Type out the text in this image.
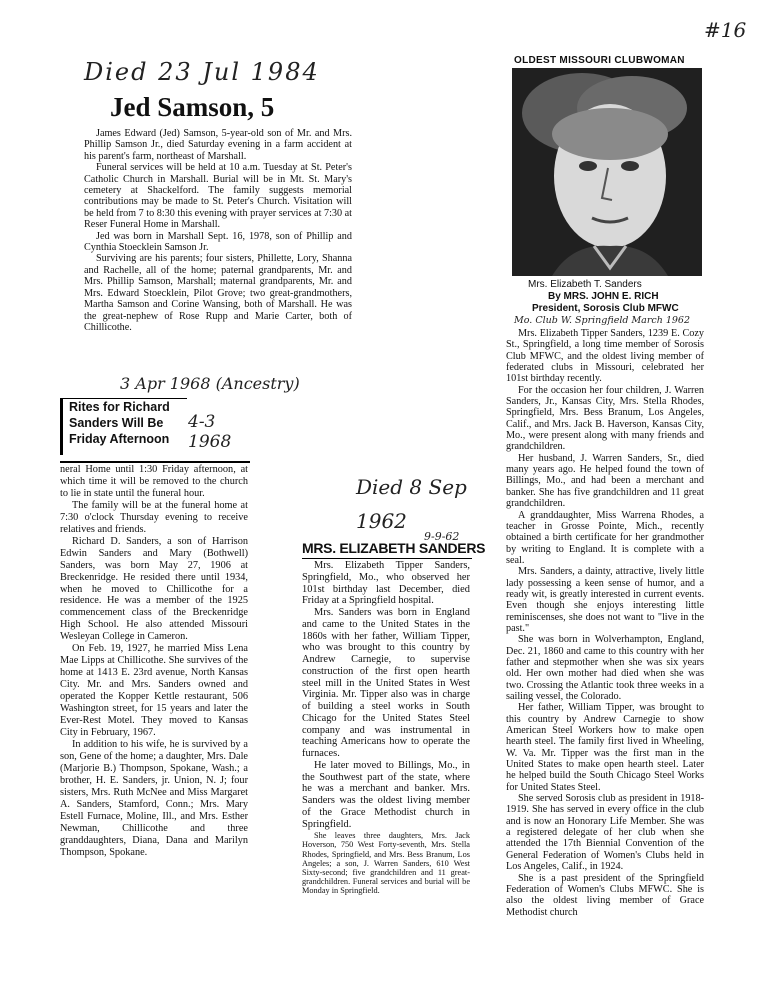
#16
Died 23 Jul 1984
Jed Samson, 5

James Edward (Jed) Samson, 5-year-old son of Mr. and Mrs. Phillip Samson Jr., died Saturday evening in a farm accident at his parent's farm, northeast of Marshall.

Funeral services will be held at 10 a.m. Tuesday at St. Peter's Catholic Church in Marshall. Burial will be in Mt. St. Mary's cemetery at Shackelford. The family suggests memorial contributions may be made to St. Peter's Church. Visitation will be held from 7 to 8:30 this evening with prayer services at 7:30 at Reser Funeral Home in Marshall.

Jed was born in Marshall Sept. 16, 1978, son of Phillip and Cynthia Stoecklein Samson Jr.

Surviving are his parents; four sisters, Phillette, Lory, Shanna and Rachelle, all of the home; paternal grandparents, Mr. and Mrs. Phillip Samson, Marshall; maternal grandparents, Mr. and Mrs. Edward Stoecklein, Pilot Grove; two great-grandmothers, Martha Samson and Corine Wansing, both of Marshall. He was the great-nephew of Rose Rupp and Marie Carter, both of Chillicothe.

3 Apr 1968 (Ancestry)
Rites for Richard
Sanders Will Be
Friday Afternoon
4-3 1968

neral Home until 1:30 Friday afternoon, at which time it will be removed to the church to lie in state until the funeral hour.

The family will be at the funeral home at 7:30 o'clock Thursday evening to receive relatives and friends.

Richard D. Sanders, a son of Harrison Edwin Sanders and Mary (Bothwell) Sanders, was born May 27, 1906 at Breckenridge. He resided there until 1934, when he moved to Chillicothe for a residence. He was a member of the 1925 commencement class of the Breckenridge High School. He also attended Missouri Wesleyan College in Cameron.

On Feb. 19, 1927, he married Miss Lena Mae Lipps at Chillicothe. She survives of the home at 1413 E. 23rd avenue, North Kansas City. Mr. and Mrs. Sanders owned and operated the Kopper Kettle restaurant, 506 Washington street, for 15 years and later the Ever-Rest Motel. They moved to Kansas City in February, 1967.

In addition to his wife, he is survived by a son, Gene of the home; a daughter, Mrs. Dale (Marjorie B.) Thompson, Spokane, Wash.; a brother, H. E. Sanders, jr. Union, N. J; four sisters, Mrs. Ruth McNee and Miss Margaret A. Sanders, Stamford, Conn.; Mrs. Mary Estell Furnace, Moline, Ill., and Mrs. Esther Newman, Chillicothe and three granddaughters, Diana, Dana and Marilyn Thompson, Spokane.

Died 8 Sep 1962
9-9-62
MRS. ELIZABETH SANDERS

Mrs. Elizabeth Tipper Sanders, Springfield, Mo., who observed her 101st birthday last December, died Friday at a Springfield hospital.

Mrs. Sanders was born in England and came to the United States in the 1860s with her father, William Tipper, who was brought to this country by Andrew Carnegie, to supervise construction of the first open hearth steel mill in the United States in West Virginia. Mr. Tipper also was in charge of building a steel works in South Chicago for the United States Steel company and was instrumental in teaching Americans how to operate the furnaces.

He later moved to Billings, Mo., in the Southwest part of the state, where he was a merchant and banker. Mrs. Sanders was the oldest living member of the Grace Methodist church in Springfield.

She leaves three daughters, Mrs. Jack Hoverson, 750 West Forty-seventh, Mrs. Stella Rhodes, Springfield, and Mrs. Bess Branum, Los Angeles; a son, J. Warren Sanders, 610 West Sixty-second; five grandchildren and 11 great-grandchildren. Funeral services and burial will be Monday in Springfield.

OLDEST MISSOURI CLUBWOMAN
Mrs. Elizabeth T. Sanders
By MRS. JOHN E. RICH
President, Sorosis Club MFWC
Mo. Club W. Springfield March 1962

Mrs. Elizabeth Tipper Sanders, 1239 E. Cozy St., Springfield, a long time member of Sorosis Club MFWC, and the oldest living member of federated clubs in Missouri, celebrated her 101st birthday recently.

For the occasion her four children, J. Warren Sanders, Jr., Kansas City, Mrs. Stella Rhodes, Springfield, Mrs. Bess Branum, Los Angeles, Calif., and Mrs. Jack B. Haverson, Kansas City, Mo., were present along with many friends and grandchildren.

Her husband, J. Warren Sanders, Sr., died many years ago. He helped found the town of Billings, Mo., and had been a merchant and banker. She has five grandchildren and 11 great grandchildren.

A granddaughter, Miss Warrena Rhodes, a teacher in Grosse Pointe, Mich., recently obtained a birth certificate for her grandmother by writing to England. It is complete with a seal.

Mrs. Sanders, a dainty, attractive, lively little lady possessing a keen sense of humor, and a ready wit, is greatly interested in current events. Even though she enjoys interesting little reminiscenses, she does not want to "live in the past."

She was born in Wolverhampton, England, Dec. 21, 1860 and came to this country with her father and stepmother when she was six years old. Her own mother had died when she was two. Crossing the Atlantic took three weeks in a sailing vessel, the Colorado.

Her father, William Tipper, was brought to this country by Andrew Carnegie to show American Steel Workers how to make open hearth steel. The family first lived in Wheeling, W. Va. Mr. Tipper was the first man in the United States to make open hearth steel. Later he helped build the South Chicago Steel Works for United States Steel.

She served Sorosis club as president in 1918-1919. She has served in every office in the club and is now an Honorary Life Member. She was a registered delegate of her club when she attended the 17th Biennial Convention of the General Federation of Women's Clubs held in Los Angeles, Calif., in 1924.

She is a past president of the Springfield Federation of Women's Clubs MFWC. She is also the oldest living member of Grace Methodist church
